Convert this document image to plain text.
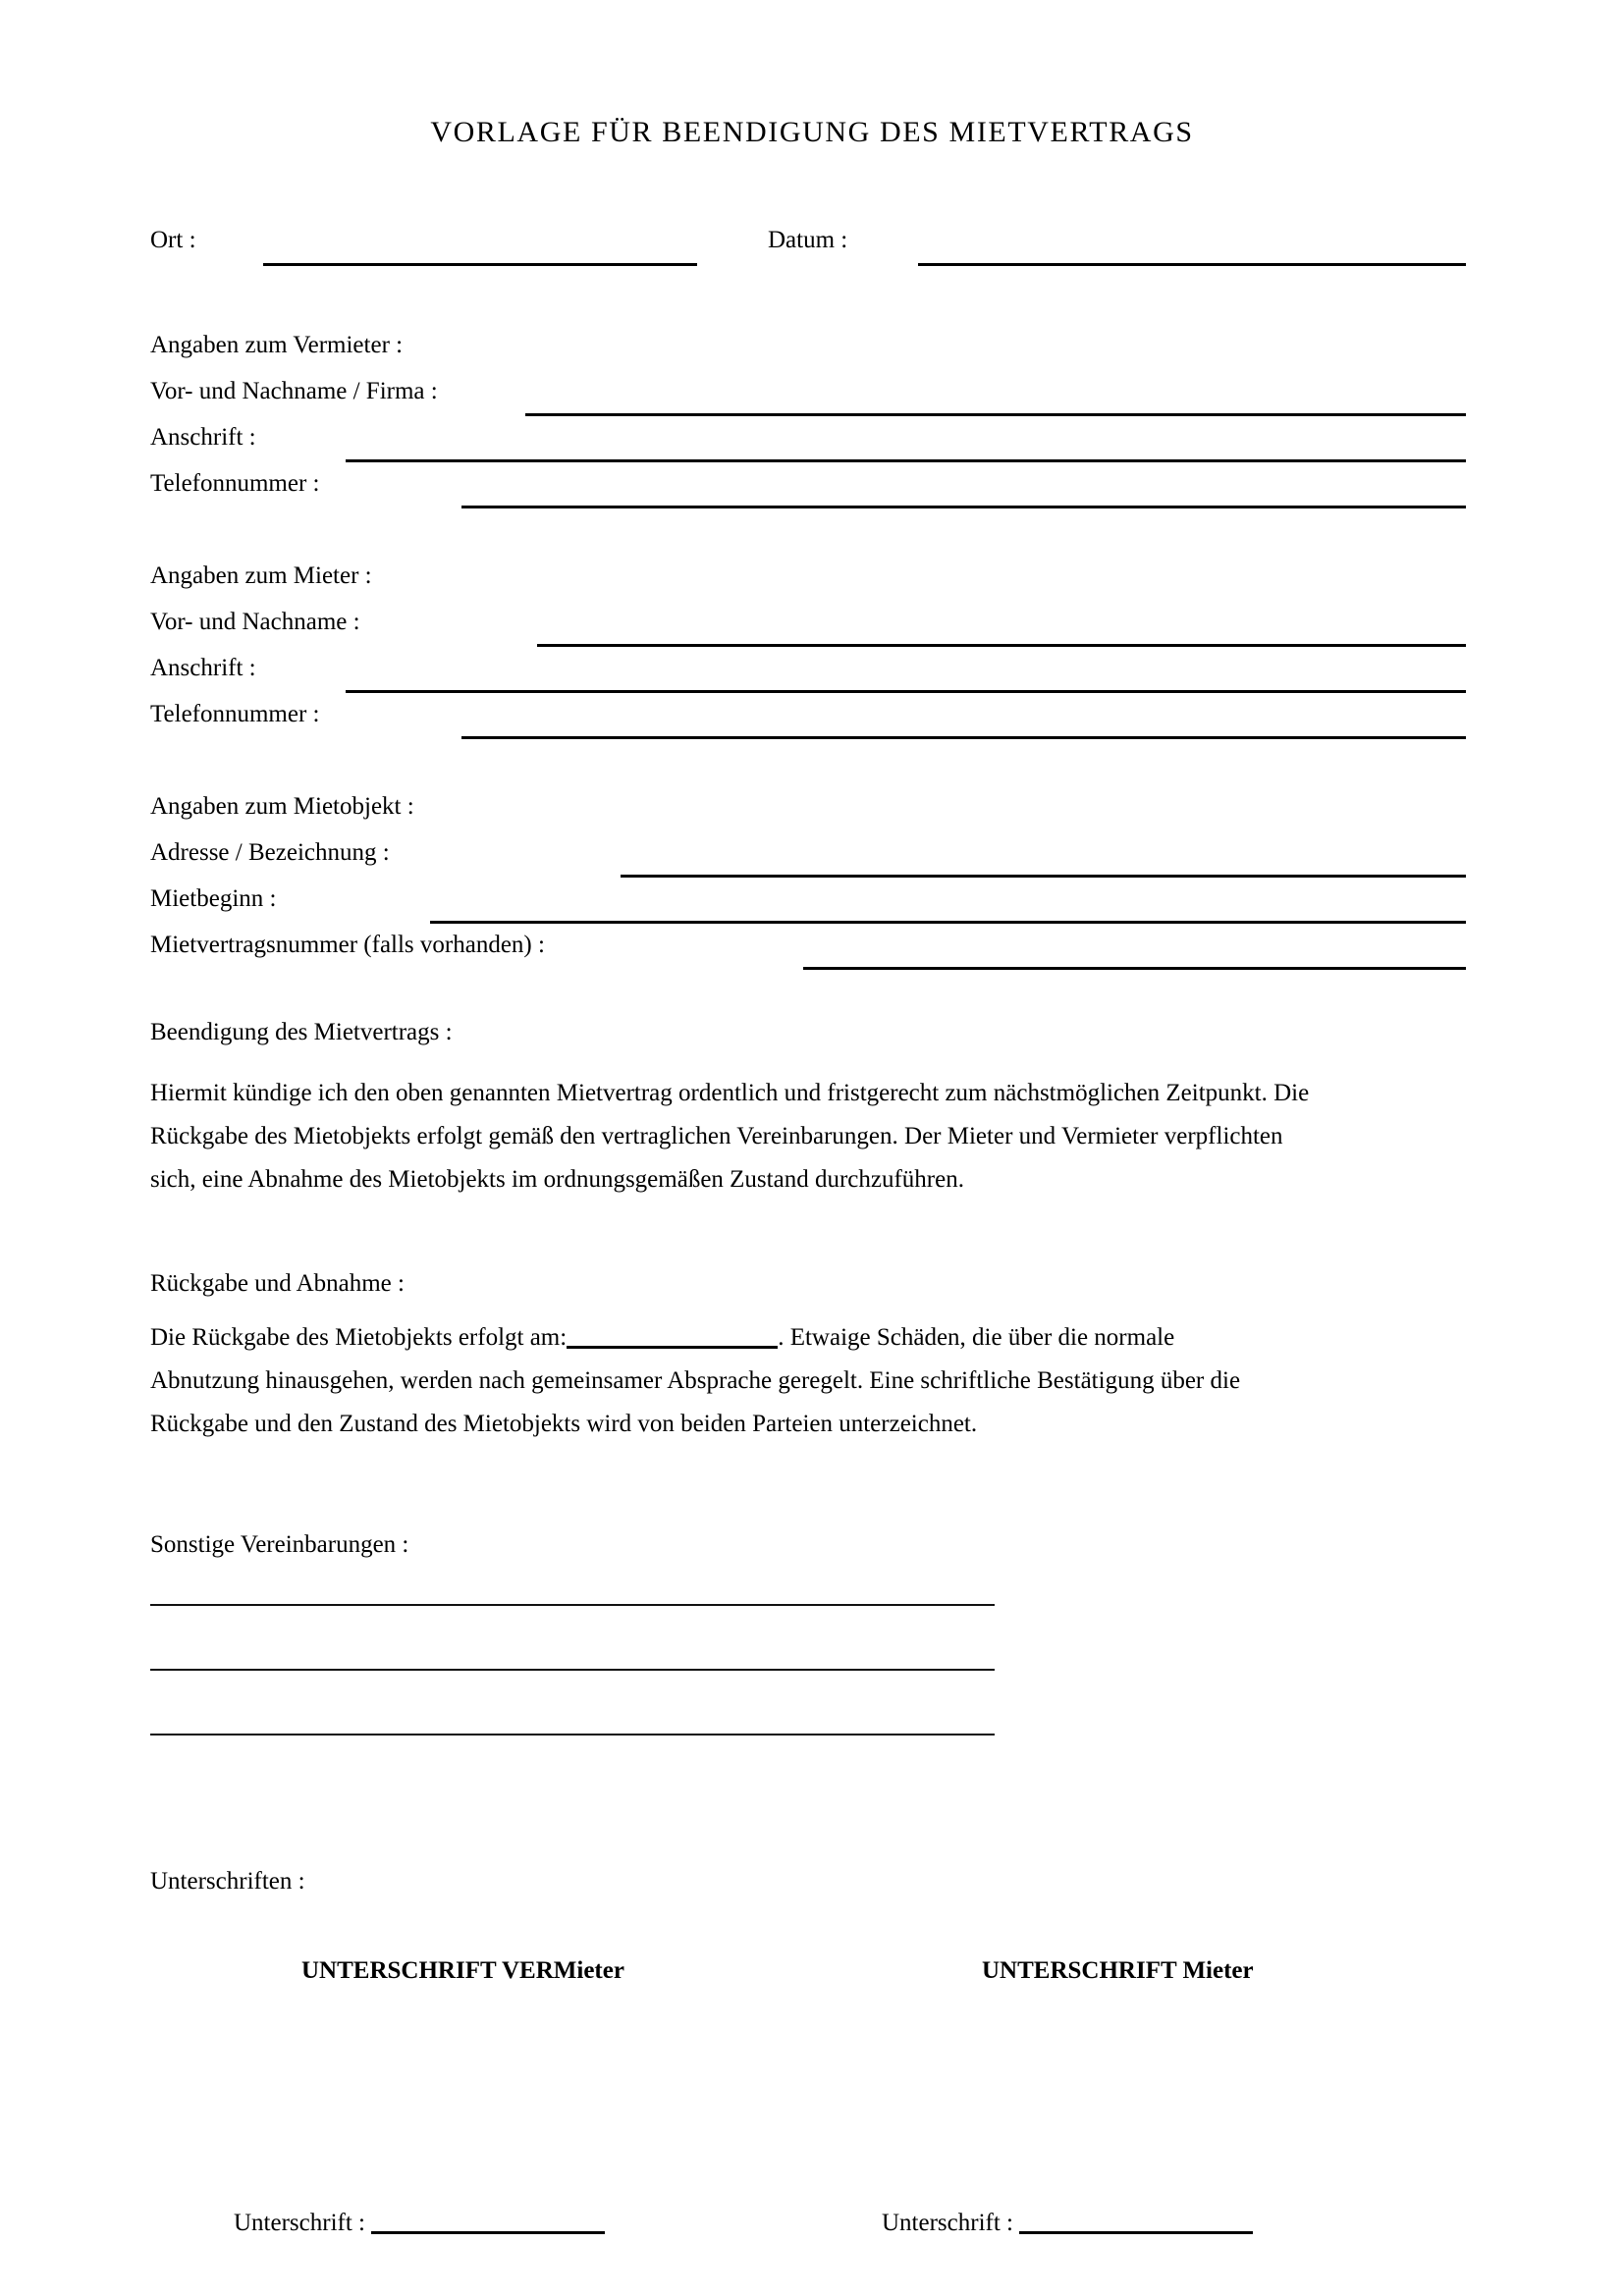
VORLAGE FÜR BEENDIGUNG DES MIETVERTRAGS
Ort :	Datum :
Angaben zum Vermieter :
Vor- und Nachname / Firma :
Anschrift :
Telefonnummer :
Angaben zum Mieter :
Vor- und Nachname :
Anschrift :
Telefonnummer :
Angaben zum Mietobjekt :
Adresse / Bezeichnung :
Mietbeginn :
Mietvertragsnummer (falls vorhanden) :
Beendigung des Mietvertrags :
Hiermit kündige ich den oben genannten Mietvertrag ordentlich und fristgerecht zum nächstmöglichen Zeitpunkt. Die
Rückgabe des Mietobjekts erfolgt gemäß den vertraglichen Vereinbarungen. Der Mieter und Vermieter verpflichten
sich, eine Abnahme des Mietobjekts im ordnungsgemäßen Zustand durchzuführen.
Rückgabe und Abnahme :
Die Rückgabe des Mietobjekts erfolgt am:	. Etwaige Schäden, die über die normale
Abnutzung hinausgehen, werden nach gemeinsamer Absprache geregelt. Eine schriftliche Bestätigung über die
Rückgabe und den Zustand des Mietobjekts wird von beiden Parteien unterzeichnet.
Sonstige Vereinbarungen :
Unterschriften :
UNTERSCHRIFT VERMieter	UNTERSCHRIFT Mieter
Unterschrift :	Unterschrift :
